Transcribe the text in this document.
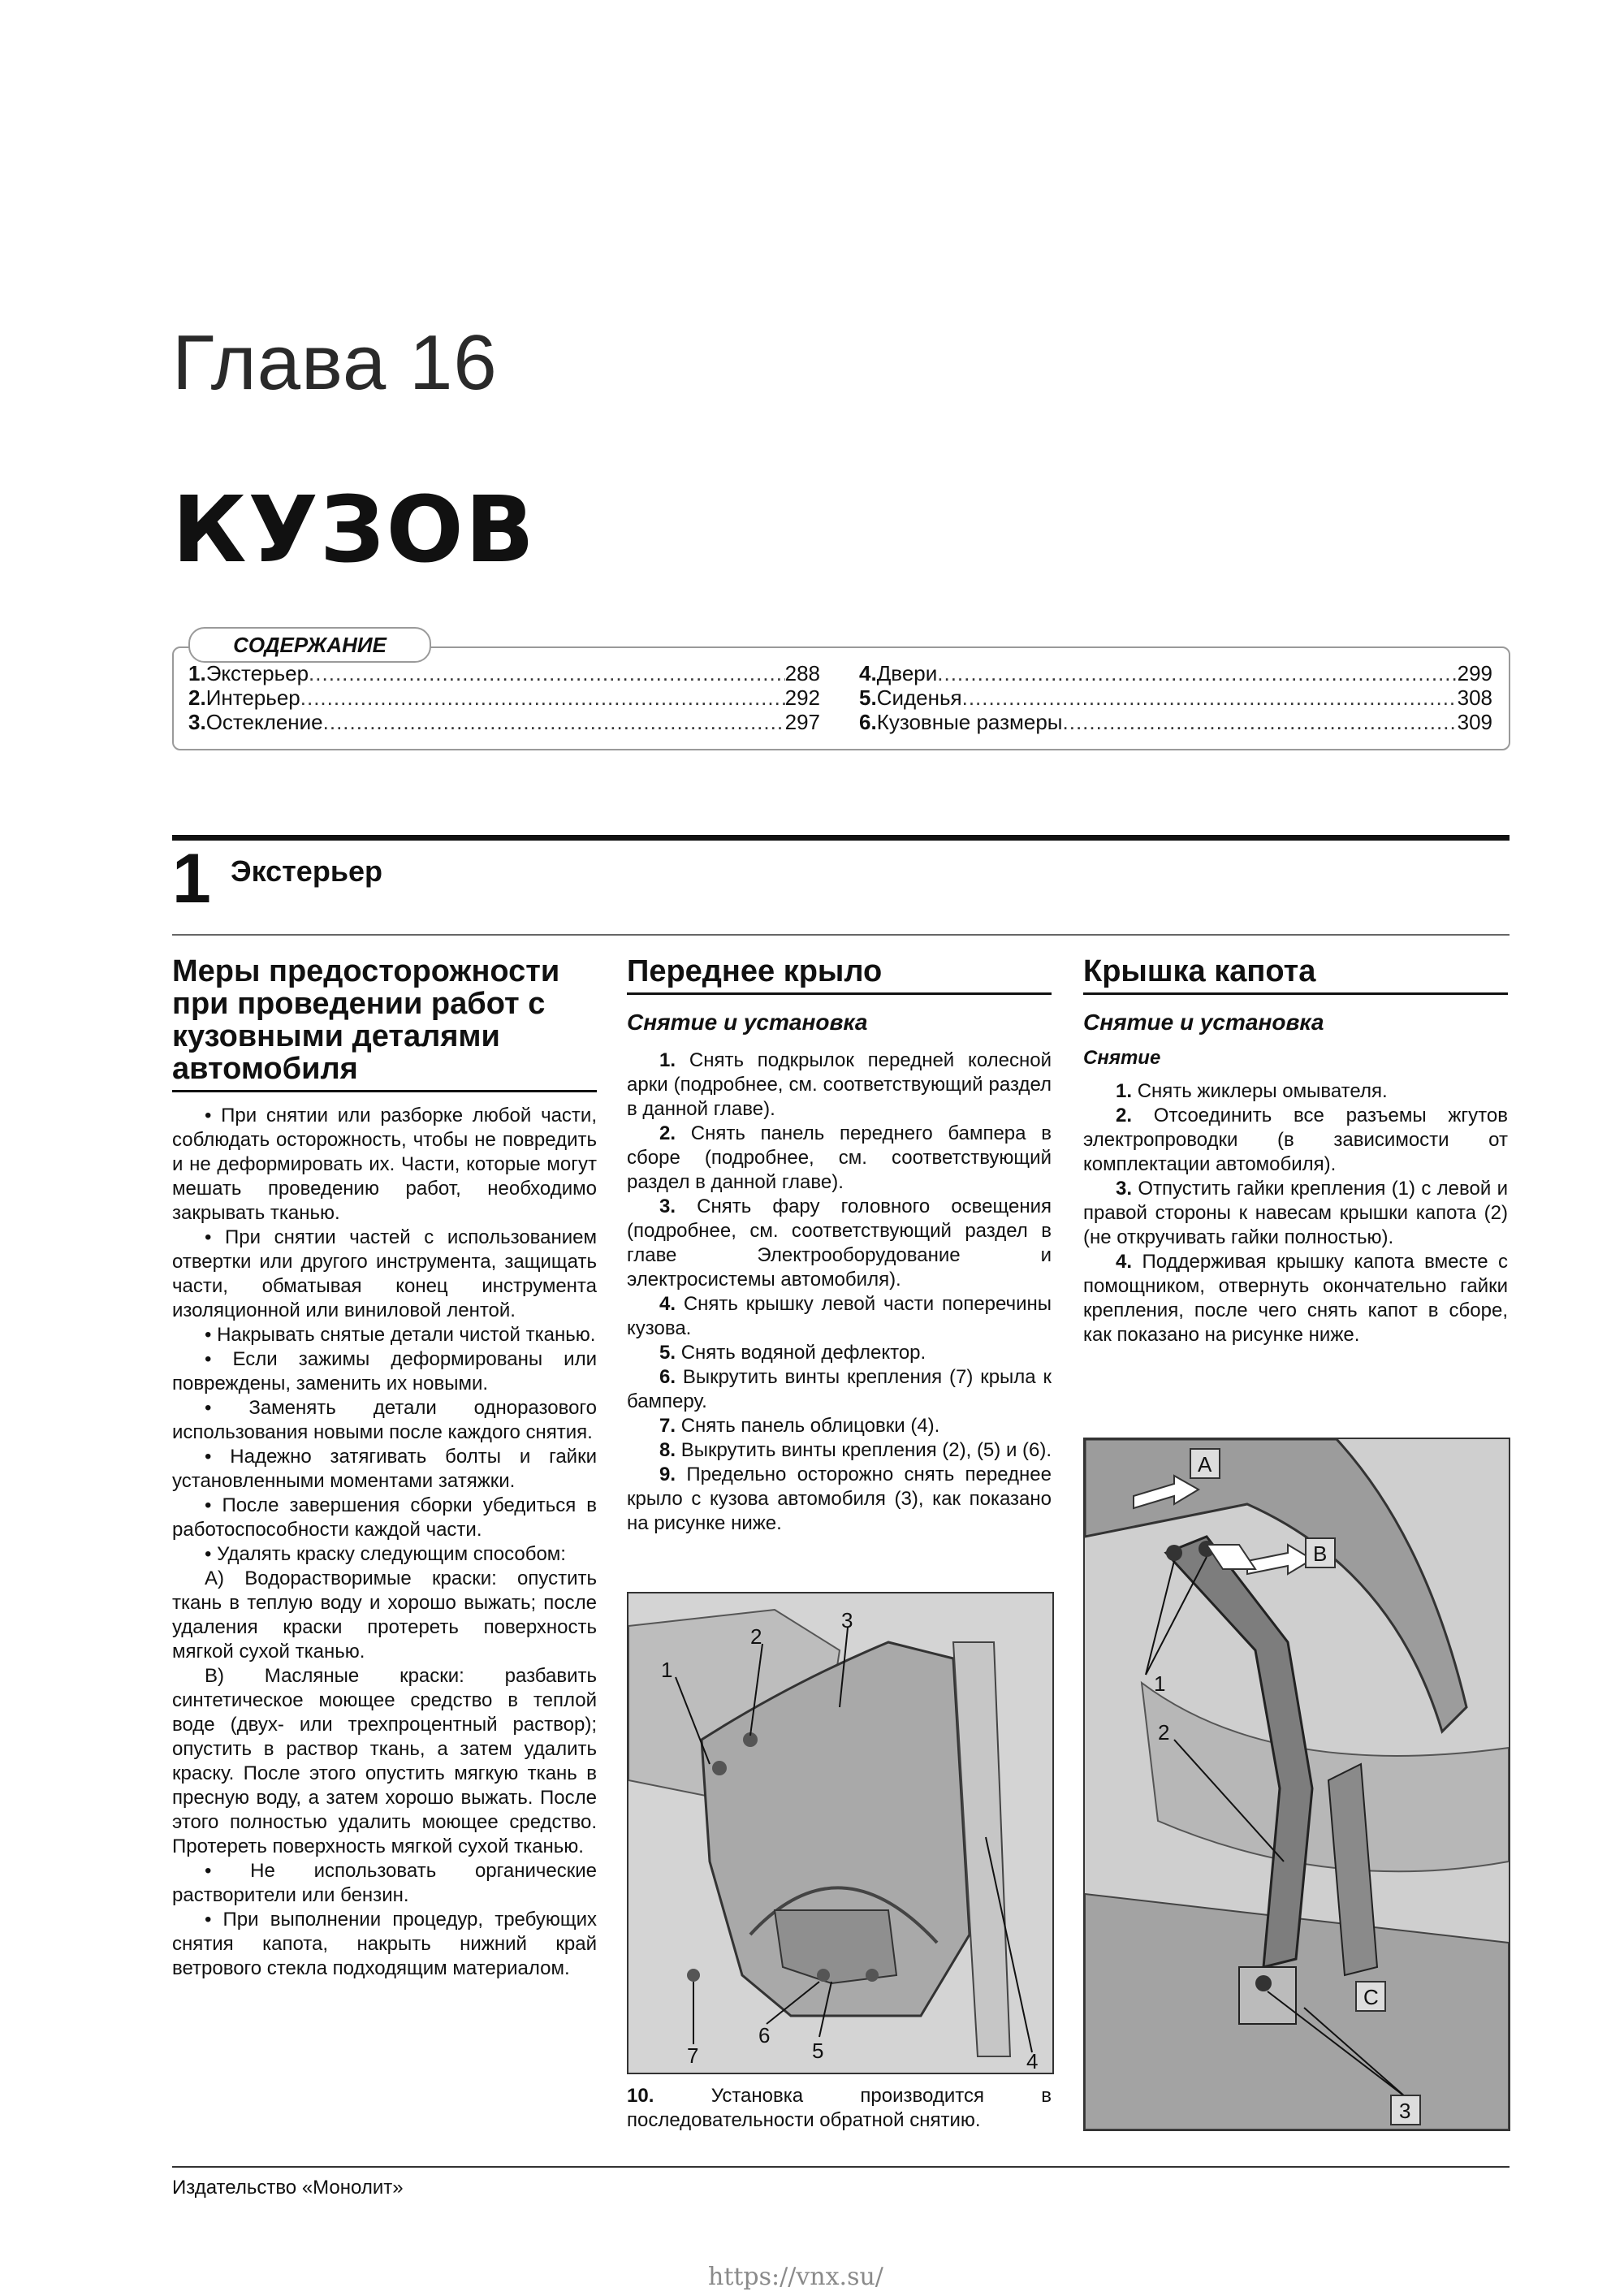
Глава 16
КУЗОВ
СОДЕРЖАНИЕ
1. Экстерьер .....	288
2. Интерьер .....	292
3. Остекление .....	297
4. Двери .....	299
5. Сиденья .....	308
6. Кузовные размеры .....	309
1 Экстерьер
Меры предосторожности при проведении работ с кузовными деталями автомобиля

• При снятии или разборке любой части, соблюдать осторожность, чтобы не повредить и не деформировать их. Части, которые могут мешать проведению работ, необходимо закрывать тканью.

• При снятии частей с использованием отвертки или другого инструмента, защищать части, обматывая конец инструмента изоляционной или виниловой лентой.

• Накрывать снятые детали чистой тканью.

• Если зажимы деформированы или повреждены, заменить их новыми.

• Заменять детали одноразового использования новыми после каждого снятия.

• Надежно затягивать болты и гайки установленными моментами затяжки.

• После завершения сборки убедиться в работоспособности каждой части.

• Удалять краску следующим способом:

А) Водорастворимые краски: опустить ткань в теплую воду и хорошо выжать; после удаления краски протереть поверхность мягкой сухой тканью.

В) Масляные краски: разбавить синтетическое моющее средство в теплой воде (двух- или трехпроцентный раствор); опустить в раствор ткань, а затем удалить краску. После этого опустить мягкую ткань в пресную воду, а затем хорошо выжать. После этого полностью удалить моющее средство. Протереть поверхность мягкой сухой тканью.

• Не использовать органические растворители или бензин.

• При выполнении процедур, требующих снятия капота, накрыть нижний край ветрового стекла подходящим материалом.

Переднее крыло
Снятие и установка

1. Снять подкрылок передней колесной арки (подробнее, см. соответствующий раздел в данной главе).

2. Снять панель переднего бампера в сборе (подробнее, см. соответствующий раздел в данной главе).

3. Снять фару головного освещения (подробнее, см. соответствующий раздел в главе Электрооборудование и электросистемы автомобиля).

4. Снять крышку левой части поперечины кузова.

5. Снять водяной дефлектор.

6. Выкрутить винты крепления (7) крыла к бамперу.

7. Снять панель облицовки (4).

8. Выкрутить винты крепления (2), (5) и (6).

9. Предельно осторожно снять переднее крыло с кузова автомобиля (3), как показано на рисунке ниже.

1
2
3
4
5
6
7

10.	Установка производится в последовательности обратной снятию.

Крышка капота
Снятие и установка
Снятие

1. Снять жиклеры омывателя.

2. Отсоединить все разъемы жгутов электропроводки (в зависимости от комплектации автомобиля).

3. Отпустить гайки крепления (1) с левой и правой стороны к навесам крышки капота (2) (не откручивать гайки полностью).

4. Поддерживая крышку капота вместе с помощником, отвернуть окончательно гайки крепления, после чего снять капот в сборе, как показано на рисунке ниже.

A
B
C
1
2
3
Издательство «Монолит»
https://vnx.su/
